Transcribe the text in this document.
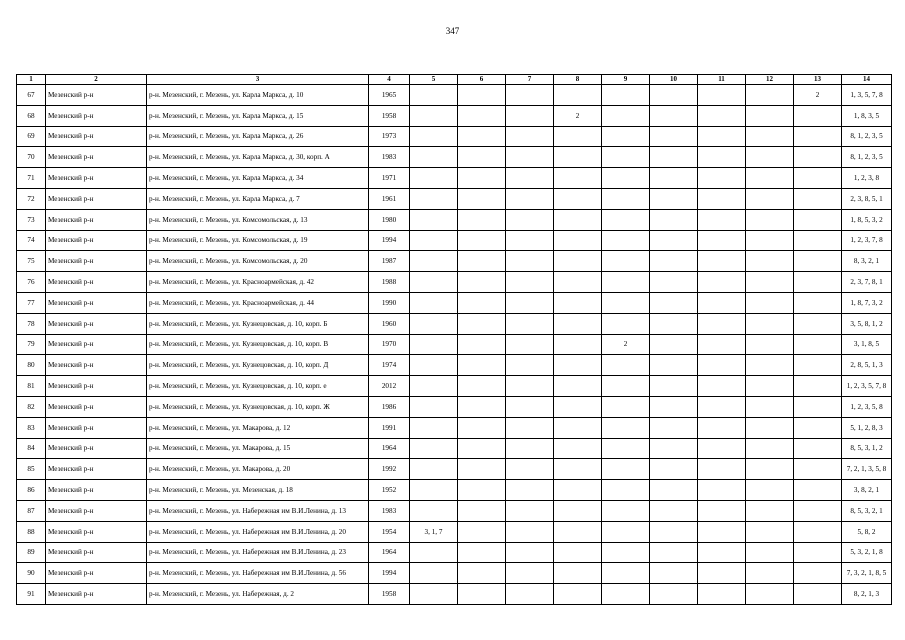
347
1	2	3	4	5	6	7	8	9	10	11	12	13	14
67	Мезенский р-н	р-н. Мезенский, г. Мезень, ул. Карла Маркса, д. 10	1965									2	1, 3, 5, 7, 8
68	Мезенский р-н	р-н. Мезенский, г. Мезень, ул. Карла Маркса, д. 15	1958				2						1, 8, 3, 5
69	Мезенский р-н	р-н. Мезенский, г. Мезень, ул. Карла Маркса, д. 26	1973										8, 1, 2, 3, 5
70	Мезенский р-н	р-н. Мезенский, г. Мезень, ул. Карла Маркса, д. 30, корп. А	1983										8, 1, 2, 3, 5
71	Мезенский р-н	р-н. Мезенский, г. Мезень, ул. Карла Маркса, д. 34	1971										1, 2, 3, 8
72	Мезенский р-н	р-н. Мезенский, г. Мезень, ул. Карла Маркса, д. 7	1961										2, 3, 8, 5, 1
73	Мезенский р-н	р-н. Мезенский, г. Мезень, ул. Комсомольская, д. 13	1980										1, 8, 5, 3, 2
74	Мезенский р-н	р-н. Мезенский, г. Мезень, ул. Комсомольская, д. 19	1994										1, 2, 3, 7, 8
75	Мезенский р-н	р-н. Мезенский, г. Мезень, ул. Комсомольская, д. 20	1987										8, 3, 2, 1
76	Мезенский р-н	р-н. Мезенский, г. Мезень, ул. Красноармейская, д. 42	1988										2, 3, 7, 8, 1
77	Мезенский р-н	р-н. Мезенский, г. Мезень, ул. Красноармейская, д. 44	1990										1, 8, 7, 3, 2
78	Мезенский р-н	р-н. Мезенский, г. Мезень, ул. Кузнецовская, д. 10, корп. Б	1960										3, 5, 8, 1, 2
79	Мезенский р-н	р-н. Мезенский, г. Мезень, ул. Кузнецовская, д. 10, корп. В	1970					2					3, 1, 8, 5
80	Мезенский р-н	р-н. Мезенский, г. Мезень, ул. Кузнецовская, д. 10, корп. Д	1974										2, 8, 5, 1, 3
81	Мезенский р-н	р-н. Мезенский, г. Мезень, ул. Кузнецовская, д. 10, корп. е	2012										1, 2, 3, 5, 7, 8
82	Мезенский р-н	р-н. Мезенский, г. Мезень, ул. Кузнецовская, д. 10, корп. Ж	1986										1, 2, 3, 5, 8
83	Мезенский р-н	р-н. Мезенский, г. Мезень, ул. Макарова, д. 12	1991										5, 1, 2, 8, 3
84	Мезенский р-н	р-н. Мезенский, г. Мезень, ул. Макарова, д. 15	1964										8, 5, 3, 1, 2
85	Мезенский р-н	р-н. Мезенский, г. Мезень, ул. Макарова, д. 20	1992										7, 2, 1, 3, 5, 8
86	Мезенский р-н	р-н. Мезенский, г. Мезень, ул. Мезенская, д. 18	1952										3, 8, 2, 1
87	Мезенский р-н	р-н. Мезенский, г. Мезень, ул. Набережная им В.И.Ленина, д. 13	1983										8, 5, 3, 2, 1
88	Мезенский р-н	р-н. Мезенский, г. Мезень, ул. Набережная им В.И.Ленина, д. 20	1954	3, 1, 7									5, 8, 2
89	Мезенский р-н	р-н. Мезенский, г. Мезень, ул. Набережная им В.И.Ленина, д. 23	1964										5, 3, 2, 1, 8
90	Мезенский р-н	р-н. Мезенский, г. Мезень, ул. Набережная им В.И.Ленина, д. 56	1994										7, 3, 2, 1, 8, 5
91	Мезенский р-н	р-н. Мезенский, г. Мезень, ул. Набережная, д. 2	1958										8, 2, 1, 3
